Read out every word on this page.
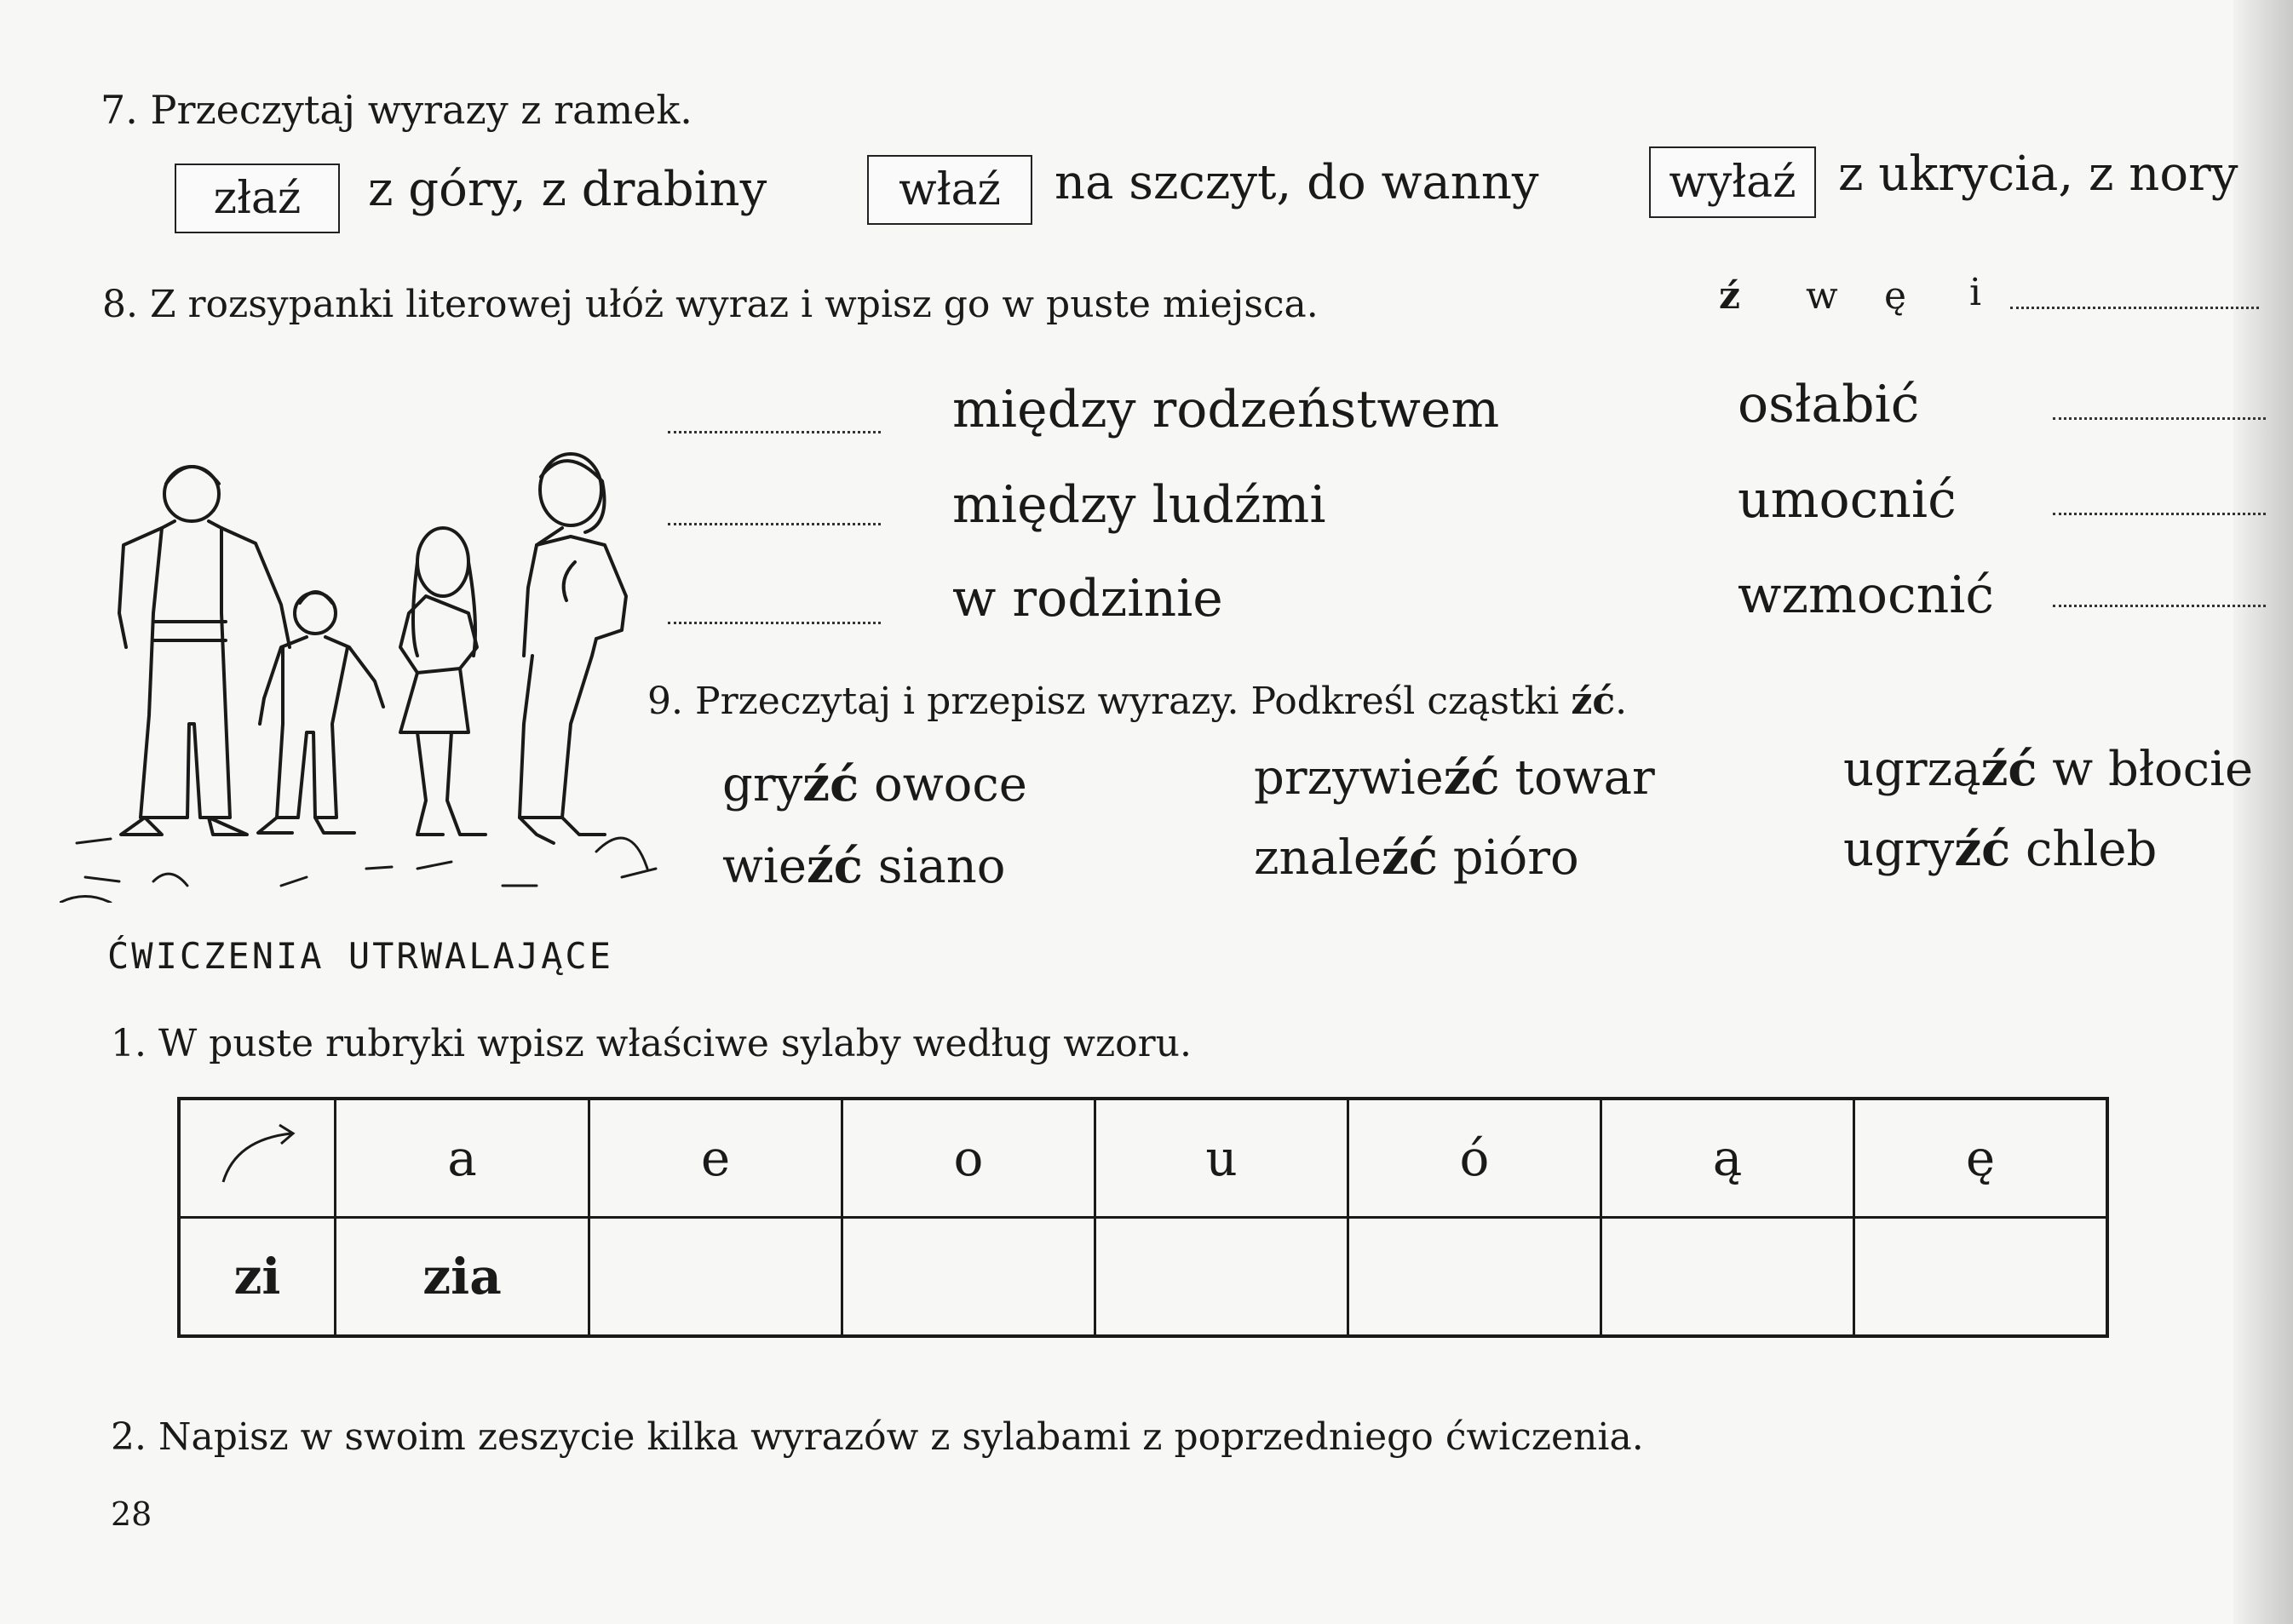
7. Przeczytaj wyrazy z ramek.
złaź	z góry, z drabiny	właź	na szczyt, do wanny	wyłaź z ukrycia, z nory
8. Z rozsypanki literowej ułóż wyraz i wpisz go w puste miejsca.	ź w ę i
między rodzeństwem
między ludźmi
w rodzinie
osłabić
umocnić
wzmocnić
9. Przeczytaj i przepisz wyrazy. Podkreśl cząstki źć.
gryźć owoce	przywieźć towar	ugrząźć w błocie
wieźć siano	znaleźć pióro	ugryźć chleb
ĆWICZENIA UTRWALAJĄCE
1. W puste rubryki wpisz właściwe sylaby według wzoru.
	a	e	o	u	ó	ą	ę
zi	zia						
2. Napisz w swoim zeszycie kilka wyrazów z sylabami z poprzedniego ćwiczenia.
28
